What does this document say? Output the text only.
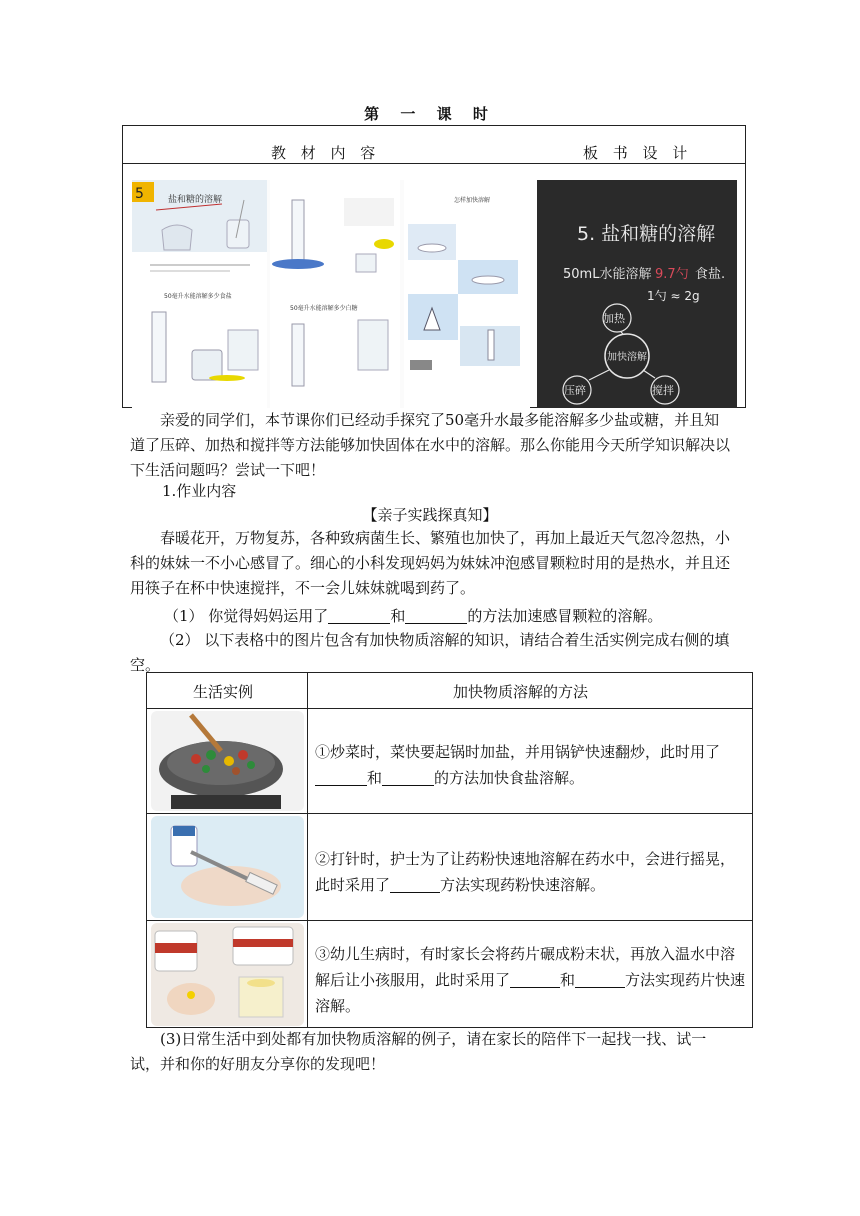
第 一 课 时
教 材 内 容	板 书 设 计
5	盐和糖的溶解
50毫升水能溶解多少食盐
50毫升水能溶解多少白糖
怎样加快溶解
5. 盐和糖的溶解
50mL水能溶解 9.7勺 食盐.
1勺 ≈ 2g
加快溶解
加热
压碎	搅拌
亲爱的同学们，本节课你们已经动手探究了50毫升水最多能溶解多少盐或糖，并且知道了压碎、加热和搅拌等方法能够加快固体在水中的溶解。那么你能用今天所学知识解决以下生活问题吗？尝试一下吧！
1.作业内容
【亲子实践探真知】
春暖花开，万物复苏，各种致病菌生长、繁殖也加快了，再加上最近天气忽冷忽热，小科的妹妹一不小心感冒了。细心的小科发现妈妈为妹妹冲泡感冒颗粒时用的是热水，并且还用筷子在杯中快速搅拌，不一会儿妹妹就喝到药了。
（1） 你觉得妈妈运用了	和	的方法加速感冒颗粒的溶解。
（2） 以下表格中的图片包含有加快物质溶解的知识，请结合着生活实例完成右侧的填空。
生活实例	加快物质溶解的方法
①炒菜时，菜快要起锅时加盐，并用锅铲快速翻炒，此时用了和	的方法加快食盐溶解。
②打针时，护士为了让药粉快速地溶解在药水中，会进行摇晃，此时采用了	方法实现药粉快速溶解。
③幼儿生病时，有时家长会将药片碾成粉末状，再放入温水中溶解后让小孩服用，此时采用了	和	方法实现药片快速溶解。
(3)日常生活中到处都有加快物质溶解的例子，请在家长的陪伴下一起找一找、试一试，并和你的好朋友分享你的发现吧！
